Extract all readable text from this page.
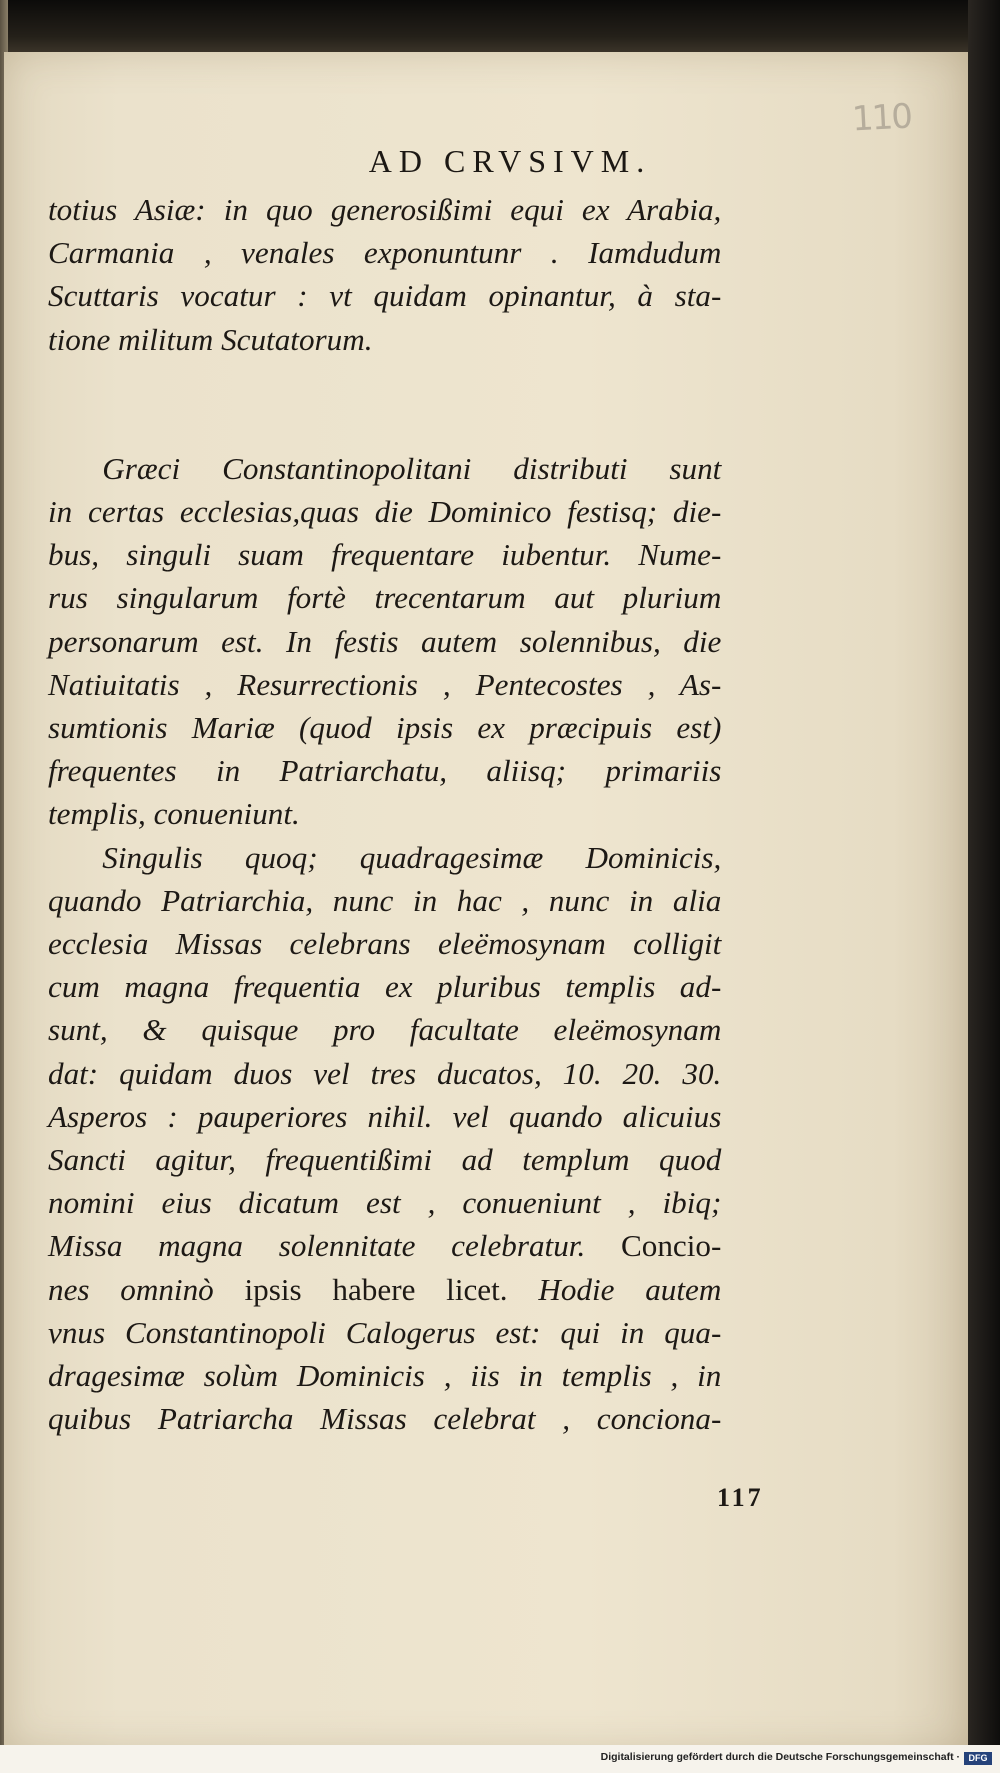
110
AD CRVSIVM.
totius Asiæ: in quo generosißimi equi ex Arabia,
Carmania , venales exponuntunr . Iamdudum
Scuttaris vocatur : vt quidam opinantur, à sta-
tione militum Scutatorum.
Græci Constantinopolitani distributi sunt
in certas ecclesias,quas die Dominico festisq; die-
bus, singuli suam frequentare iubentur. Nume-
rus singularum fortè trecentarum aut plurium
personarum est. In festis autem solennibus, die
Natiuitatis , Resurrectionis , Pentecostes , As-
sumtionis Mariæ (quod ipsis ex præcipuis est)
frequentes in Patriarchatu, aliisq; primariis
templis, conueniunt.
Singulis quoq; quadragesimæ Dominicis,
quando Patriarchia, nunc in hac , nunc in alia
ecclesia Missas celebrans eleëmosynam colligit
cum magna frequentia ex pluribus templis ad-
sunt, & quisque pro facultate eleëmosynam
dat: quidam duos vel tres ducatos, 10. 20. 30.
Asperos : pauperiores nihil. vel quando alicuius
Sancti agitur, frequentißimi ad templum quod
nomini eius dicatum est , conueniunt , ibiq;
Missa magna solennitate celebratur. Concio-
nes omninò ipsis habere licet. Hodie autem
vnus Constantinopoli Calogerus est: qui in qua-
dragesimæ solùm Dominicis , iis in templis , in
quibus Patriarcha Missas celebrat , conciona-
117
Digitalisierung gefördert durch die Deutsche Forschungsgemeinschaft · DFG
